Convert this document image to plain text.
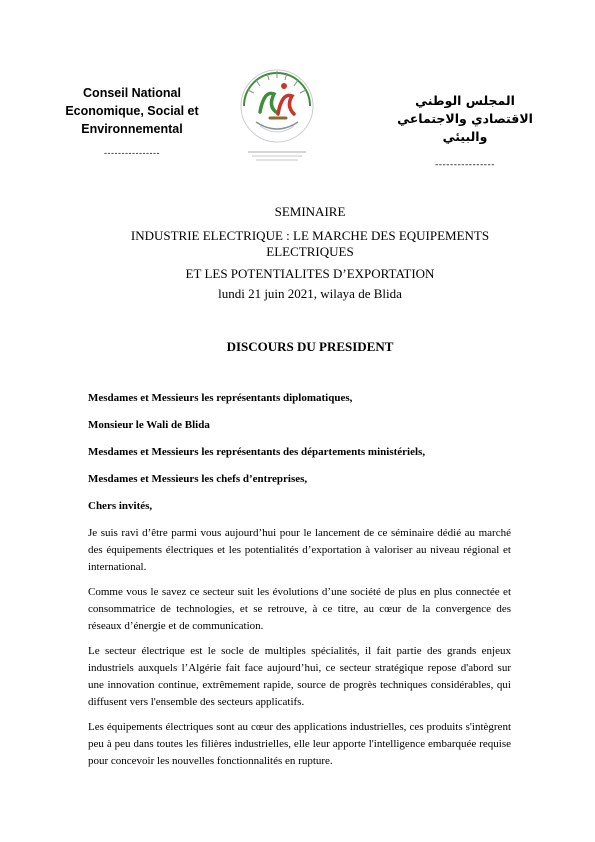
Conseil National Economique, Social et Environnemental
----------------
المجلس الوطني الاقتصادي والاجتماعي والبيئي
----------------
SEMINAIRE
INDUSTRIE ELECTRIQUE : LE MARCHE DES EQUIPEMENTS ELECTRIQUES
ET LES POTENTIALITES D’EXPORTATION
lundi 21 juin 2021, wilaya de Blida
DISCOURS DU PRESIDENT

Mesdames et Messieurs les représentants diplomatiques,

Monsieur le Wali de Blida

Mesdames et Messieurs les représentants des départements ministériels,

Mesdames et Messieurs les chefs d’entreprises,

Chers invités,

Je suis ravi d’être parmi vous aujourd’hui pour le lancement de ce séminaire dédié au marché des équipements électriques et les potentialités d’exportation à valoriser au niveau régional et international.

Comme vous le savez ce secteur suit les évolutions d’une société de plus en plus connectée et consommatrice de technologies, et se retrouve, à ce titre, au cœur de la convergence des réseaux d’énergie et de communication.

Le secteur électrique est le socle de multiples spécialités, il fait partie des grands enjeux industriels auxquels l’Algérie fait face aujourd’hui, ce secteur stratégique repose d'abord sur une innovation continue, extrêmement rapide, source de progrès techniques considérables, qui diffusent vers l'ensemble des secteurs applicatifs.

Les équipements électriques sont au cœur des applications industrielles, ces produits s'intègrent peu à peu dans toutes les filières industrielles, elle leur apporte l'intelligence embarquée requise pour concevoir les nouvelles fonctionnalités en rupture.
